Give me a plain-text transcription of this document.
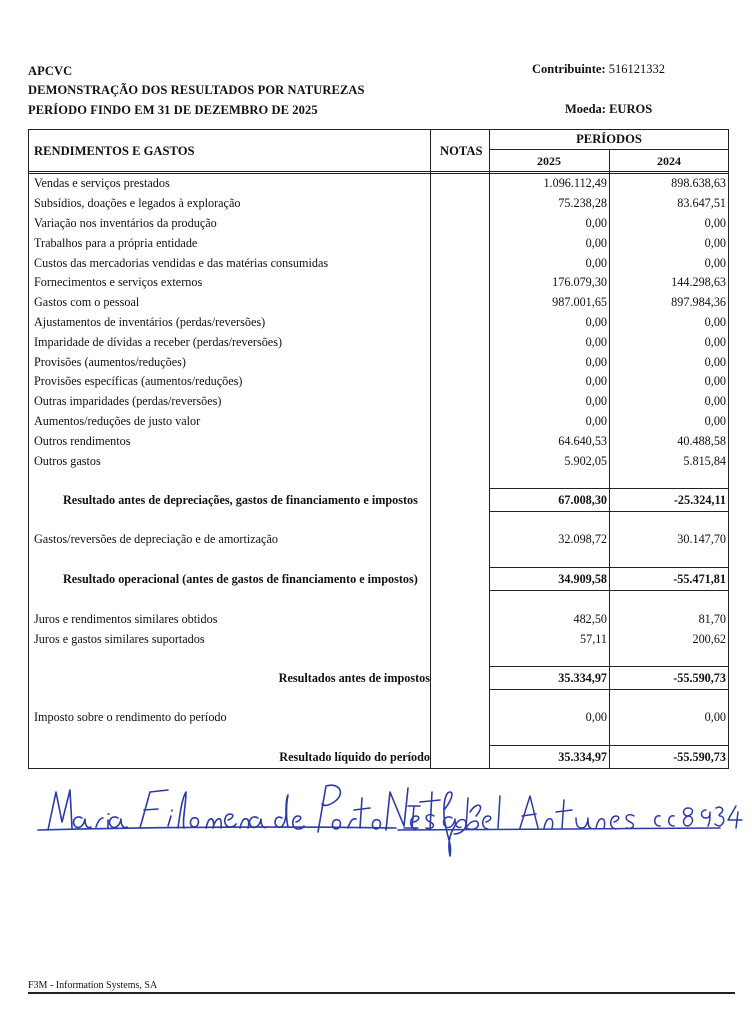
APCVC
DEMONSTRAÇÃO DOS RESULTADOS POR NATUREZAS
PERÍODO FINDO EM 31 DE DEZEMBRO DE 2025
Contribuinte: 516121332
Moeda: EUROS
RENDIMENTOS E GASTOS	NOTAS
PERÍODOS
2025	2024
Vendas e serviços prestados	1.096.112,49	898.638,63
Subsídios, doações e legados à exploração	75.238,28	83.647,51
Variação nos inventários da produção	0,00	0,00
Trabalhos para a própria entidade	0,00	0,00
Custos das mercadorias vendidas e das matérias consumidas	0,00	0,00
Fornecimentos e serviços externos	176.079,30	144.298,63
Gastos com o pessoal	987.001,65	897.984,36
Ajustamentos de inventários (perdas/reversões)	0,00	0,00
Imparidade de dívidas a receber (perdas/reversões)	0,00	0,00
Provisões (aumentos/reduções)	0,00	0,00
Provisões específicas (aumentos/reduções)	0,00	0,00
Outras imparidades (perdas/reversões)	0,00	0,00
Aumentos/reduções de justo valor	0,00	0,00
Outros rendimentos	64.640,53	40.488,58
Outros gastos	5.902,05	5.815,84
Resultado antes de depreciações, gastos de financiamento e impostos	67.008,30	-25.324,11
Gastos/reversões de depreciação e de amortização	32.098,72	30.147,70
Resultado operacional (antes de gastos de financiamento e impostos)	34.909,58	-55.471,81
Juros e rendimentos similares obtidos	482,50	81,70
Juros e gastos similares suportados	57,11	200,62
Resultados antes de impostos	35.334,97	-55.590,73
Imposto sobre o rendimento do período	0,00	0,00
Resultado líquido do período	35.334,97	-55.590,73
F3M - Information Systems, SA
